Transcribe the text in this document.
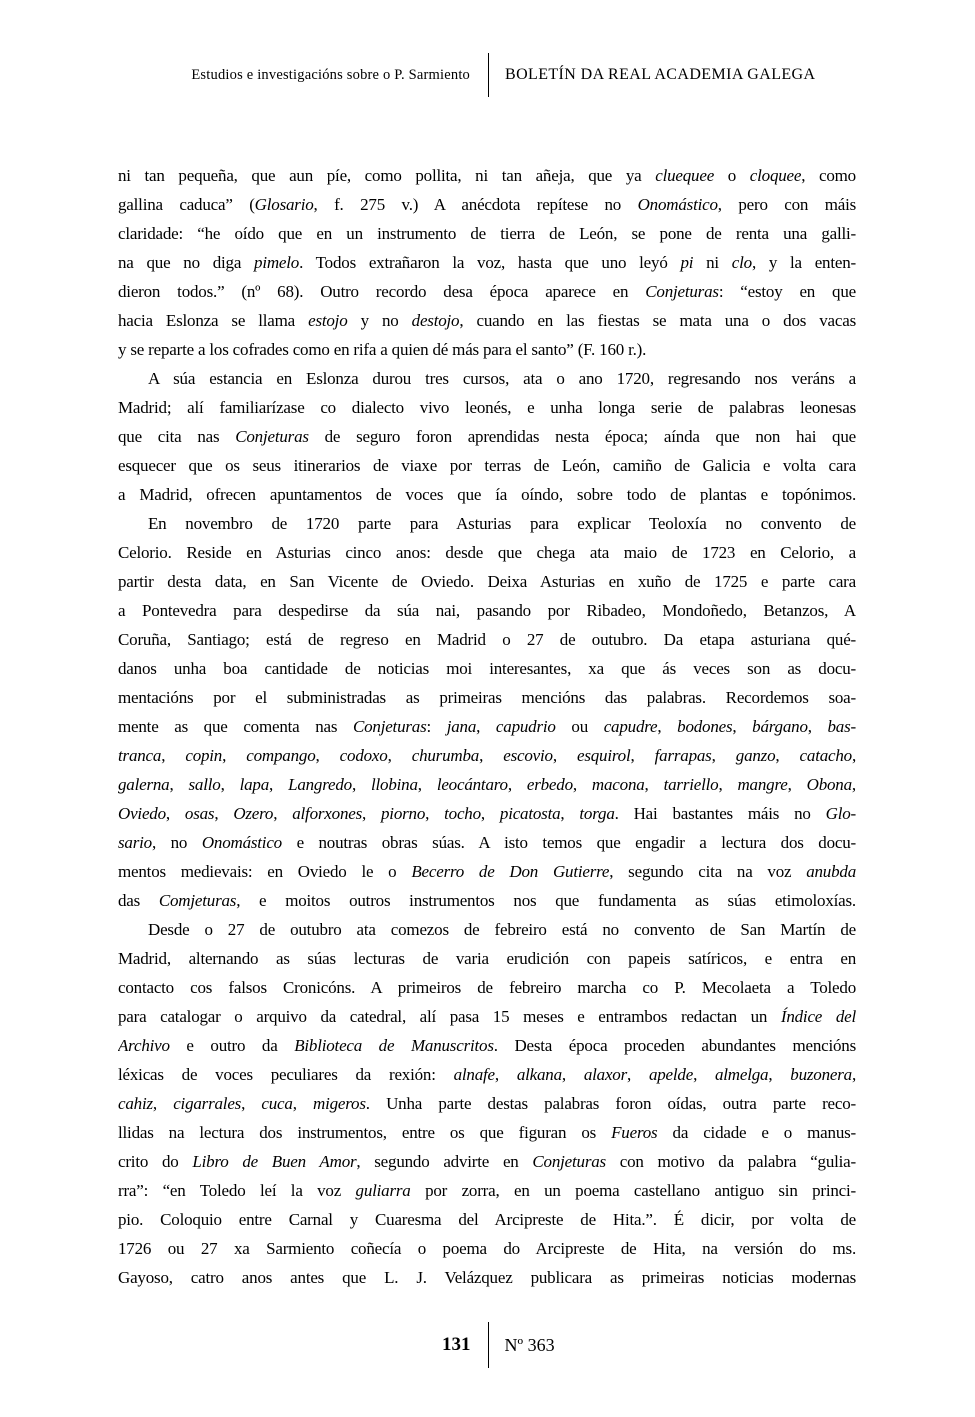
Estudios e investigacións sobre o P. Sarmiento	BOLETÍN DA REAL ACADEMIA GALEGA
ni tan pequeña, que aun píe, como pollita, ni tan añeja, que ya cluequee o cloquee, como
gallina caduca” (Glosario, f. 275 v.) A anécdota repítese no Onomástico, pero con máis
claridade: “he oído que en un instrumento de tierra de León, se pone de renta una galli-
na que no diga pimelo. Todos extrañaron la voz, hasta que uno leyó pi ni clo, y la enten-
dieron todos.” (nº 68). Outro recordo desa época aparece en Conjeturas: “estoy en que
hacia Eslonza se llama estojo y no destojo, cuando en las fiestas se mata una o dos vacas
y se reparte a los cofrades como en rifa a quien dé más para el santo” (F. 160 r.).
A súa estancia en Eslonza durou tres cursos, ata o ano 1720, regresando nos veráns a
Madrid; alí familiarízase co dialecto vivo leonés, e unha longa serie de palabras leonesas
que cita nas Conjeturas de seguro foron aprendidas nesta época; aínda que non hai que
esquecer que os seus itinerarios de viaxe por terras de León, camiño de Galicia e volta cara
a Madrid, ofrecen apuntamentos de voces que ía oíndo, sobre todo de plantas e topónimos.
En novembro de 1720 parte para Asturias para explicar Teoloxía no convento de
Celorio. Reside en Asturias cinco anos: desde que chega ata maio de 1723 en Celorio, a
partir desta data, en San Vicente de Oviedo. Deixa Asturias en xuño de 1725 e parte cara
a Pontevedra para despedirse da súa nai, pasando por Ribadeo, Mondoñedo, Betanzos, A
Coruña, Santiago; está de regreso en Madrid o 27 de outubro. Da etapa asturiana qué-
danos unha boa cantidade de noticias moi interesantes, xa que ás veces son as docu-
mentacións por el subministradas as primeiras mencións das palabras. Recordemos soa-
mente as que comenta nas Conjeturas: jana, capudrio ou capudre, bodones, bárgano, bas-
tranca, copin, compango, codoxo, churumba, escovio, esquirol, farrapas, ganzo, catacho,
galerna, sallo, lapa, Langredo, llobina, leocántaro, erbedo, macona, tarriello, mangre, Obona,
Oviedo, osas, Ozero, alforxones, piorno, tocho, picatosta, torga. Hai bastantes máis no Glo-
sario, no Onomástico e noutras obras súas. A isto temos que engadir a lectura dos docu-
mentos medievais: en Oviedo le o Becerro de Don Gutierre, segundo cita na voz anubda
das Comjeturas, e moitos outros instrumentos nos que fundamenta as súas etimoloxías.
Desde o 27 de outubro ata comezos de febreiro está no convento de San Martín de
Madrid, alternando as súas lecturas de varia erudición con papeis satíricos, e entra en
contacto cos falsos Cronicóns. A primeiros de febreiro marcha co P. Mecolaeta a Toledo
para catalogar o arquivo da catedral, alí pasa 15 meses e entrambos redactan un Índice del
Archivo e outro da Biblioteca de Manuscritos. Desta época proceden abundantes mencións
léxicas de voces peculiares da rexión: alnafe, alkana, alaxor, apelde, almelga, buzonera,
cahiz, cigarrales, cuca, migeros. Unha parte destas palabras foron oídas, outra parte reco-
llidas na lectura dos instrumentos, entre os que figuran os Fueros da cidade e o manus-
crito do Libro de Buen Amor, segundo advirte en Conjeturas con motivo da palabra “gulia-
rra”: “en Toledo leí la voz guliarra por zorra, en un poema castellano antiguo sin princi-
pio. Coloquio entre Carnal y Cuaresma del Arcipreste de Hita.”. É dicir, por volta de
1726 ou 27 xa Sarmiento coñecía o poema do Arcipreste de Hita, na versión do ms.
Gayoso, catro anos antes que L. J. Velázquez publicara as primeiras noticias modernas
131	Nº 363
